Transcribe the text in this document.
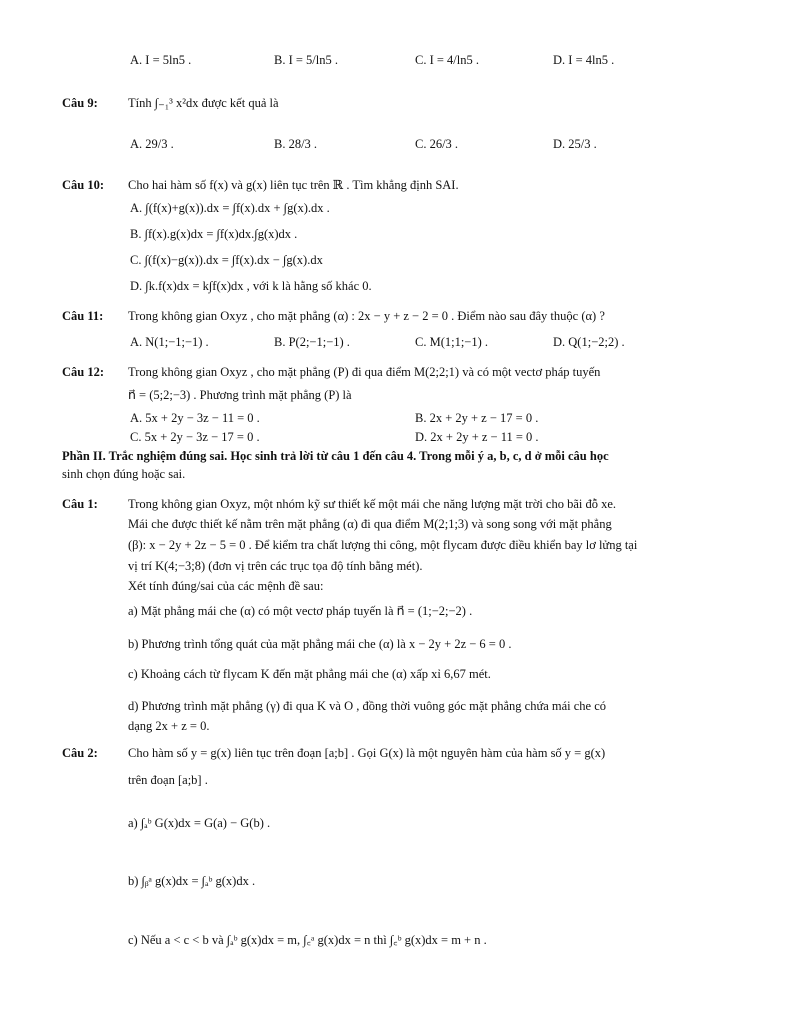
A. I = 5ln5 .	B. I = 5/ln5 .	C. I = 4/ln5 .	D. I = 4ln5 .
Câu 9: Tính ∫₋₁³ x²dx được kết quả là
A. 29/3 .	B. 28/3 .	C. 26/3 .	D. 25/3 .
Câu 10: Cho hai hàm số f(x) và g(x) liên tục trên ℝ . Tìm khẳng định SAI.
A. ∫(f(x)+g(x)).dx = ∫f(x).dx + ∫g(x).dx .
B. ∫f(x).g(x)dx = ∫f(x)dx.∫g(x)dx .
C. ∫(f(x)−g(x)).dx = ∫f(x).dx − ∫g(x).dx
D. ∫k.f(x)dx = k∫f(x)dx , với k là hằng số khác 0.
Câu 11: Trong không gian Oxyz , cho mặt phẳng (α) : 2x − y + z − 2 = 0 . Điểm nào sau đây thuộc (α) ?
A. N(1;−1;−1) .	B. P(2;−1;−1) .	C. M(1;1;−1) .	D. Q(1;−2;2) .
Câu 12: Trong không gian Oxyz , cho mặt phẳng (P) đi qua điểm M(2;2;1) và có một vectơ pháp tuyến
n⃗ = (5;2;−3) . Phương trình mặt phẳng (P) là
A. 5x + 2y − 3z − 11 = 0 .	B. 2x + 2y + z − 17 = 0 .
C. 5x + 2y − 3z − 17 = 0 .	D. 2x + 2y + z − 11 = 0 .
Phần II. Trắc nghiệm đúng sai. Học sinh trả lời từ câu 1 đến câu 4. Trong mỗi ý a, b, c, d ở mỗi câu học
sinh chọn đúng hoặc sai.
Câu 1: Trong không gian Oxyz, một nhóm kỹ sư thiết kế một mái che năng lượng mặt trời cho bãi đỗ xe.
Mái che được thiết kế nằm trên mặt phẳng (α) đi qua điểm M(2;1;3) và song song với mặt phẳng
(β): x − 2y + 2z − 5 = 0 . Để kiểm tra chất lượng thi công, một flycam được điều khiển bay lơ lửng tại
vị trí K(4;−3;8) (đơn vị trên các trục tọa độ tính bằng mét).
Xét tính đúng/sai của các mệnh đề sau:
a) Mặt phẳng mái che (α) có một vectơ pháp tuyến là n⃗ = (1;−2;−2) .
b) Phương trình tổng quát của mặt phẳng mái che (α) là x − 2y + 2z − 6 = 0 .
c) Khoảng cách từ flycam K đến mặt phẳng mái che (α) xấp xỉ 6,67 mét.
d) Phương trình mặt phẳng (γ) đi qua K và O , đồng thời vuông góc mặt phẳng chứa mái che có
dạng 2x + z = 0.
Câu 2: Cho hàm số y = g(x) liên tục trên đoạn [a;b] . Gọi G(x) là một nguyên hàm của hàm số y = g(x)
trên đoạn [a;b] .
a) ∫ₐᵇ G(x)dx = G(a) − G(b) .
b) ∫ᵦᵃ g(x)dx = ∫ₐᵇ g(x)dx .
c) Nếu a < c < b và ∫ₐᵇ g(x)dx = m, ∫꜀ᵃ g(x)dx = n thì ∫꜀ᵇ g(x)dx = m + n .
